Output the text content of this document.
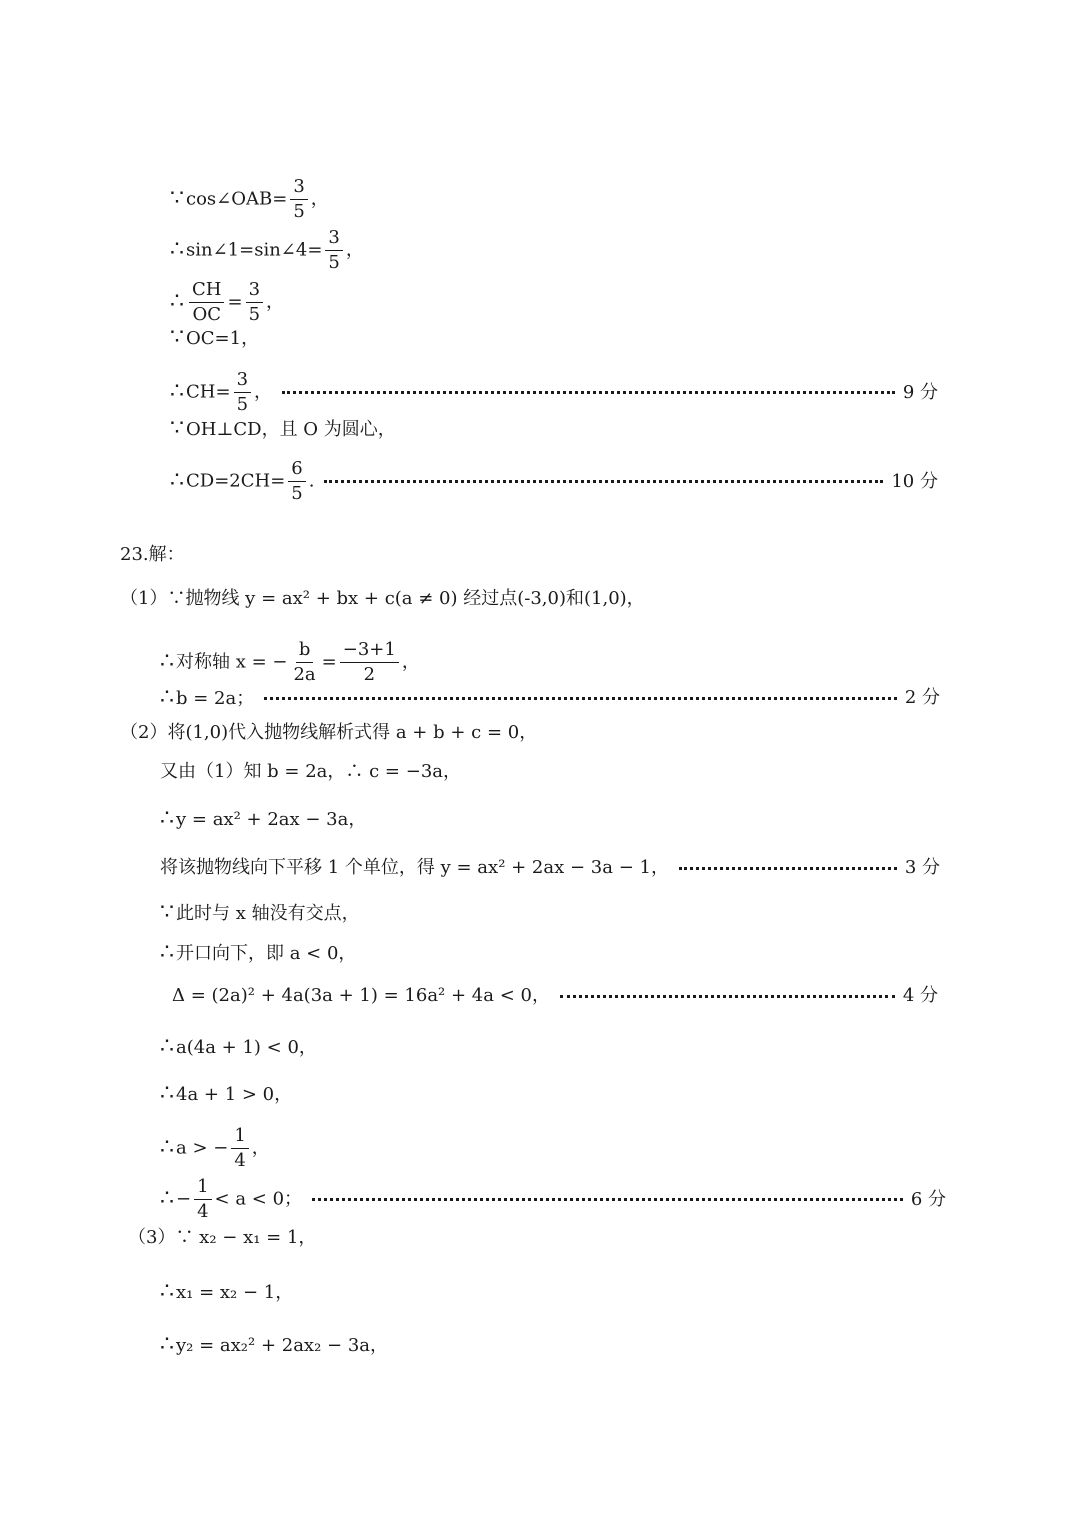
∵ cos∠OAB= $\frac{3}{5}$ ，
∴ sin∠1=sin∠4= $\frac{3}{5}$ ，
∴ $\frac{CH}{OC} = \frac{3}{5}$ ，
∵ OC=1，
∴ $CH= \frac{3}{5}$ ，	9 分
∵ OH⊥CD，且 O 为圆心，
∴ $CD=2CH= \frac{6}{5}$ .	10 分
23.解：
（1）∵抛物线 y = ax² + bx + c(a ≠ 0) 经过点(-3,0)和(1,0)，
∴ 对称轴 x = − $\frac{b}{2a} = \frac{-3+1}{2}$ ，
∴ b = 2a；	2 分
（2）将(1,0)代入抛物线解析式得 a + b + c = 0，
又由（1）知 b = 2a，∴ c = −3a，
∴ y = ax² + 2ax − 3a，
将该抛物线向下平移 1 个单位，得 y = ax² + 2ax − 3a − 1，	3 分
∵ 此时与 x 轴没有交点，
∴ 开口向下，即 a < 0，
Δ = (2a)² + 4a(3a + 1) = 16a² + 4a < 0，	4 分
∴ a(4a + 1) < 0，
∴ 4a + 1 > 0，
∴ a > − $\frac{1}{4}$ ，
∴ − $\frac{1}{4} < a < 0$；	6 分
（3）∵ x₂ − x₁ = 1，
∴ x₁ = x₂ − 1，
∴ y₂ = ax₂² + 2ax₂ − 3a，
